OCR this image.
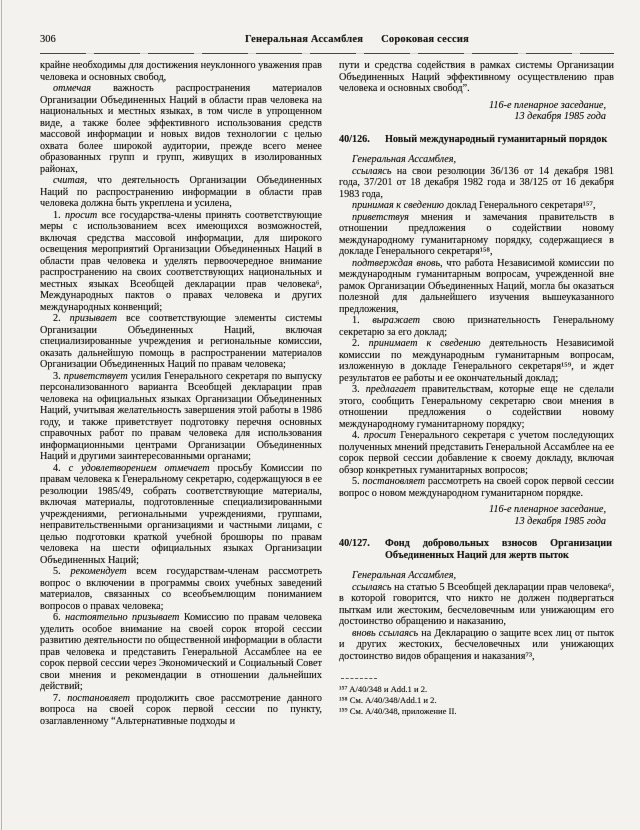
306	Генеральная Ассамблея Сороковая сессия

крайне необходимы для достижения неуклонного уважения прав человека и основных свобод,

отмечая важность распространения материалов Организации Объединенных Наций в области прав человека на национальных и местных языках, в том числе в упрощенном виде, а также более эффективного использования средств массовой информации и новых видов технологии с целью охвата более широкой аудитории, прежде всего менее образованных групп и групп, живущих в изолированных районах,

считая, что деятельность Организации Объединенных Наций по распространению информации в области прав человека должна быть укреплена и усилена,

1. просит все государства-члены принять соответствующие меры с использованием всех имеющихся возможностей, включая средства массовой информации, для широкого освещения мероприятий Организации Объединенных Наций в области прав человека и уделять первоочередное внимание распространению на своих соответствующих национальных и местных языках Всеобщей декларации прав человека⁶, Международных пактов о правах человека и других международных конвенций;

2. призывает все соответствующие элементы системы Организации Объединенных Наций, включая специализированные учреждения и региональные комиссии, оказать дальнейшую помощь в распространении материалов Организации Объединенных Наций по правам человека;

3. приветствует усилия Генерального секретаря по выпуску персонализованного варианта Всеобщей декларации прав человека на официальных языках Организации Объединенных Наций, учитывая желательность завершения этой работы в 1986 году, и также приветствует подготовку перечня основных справочных работ по правам человека для использования информационными центрами Организации Объединенных Наций и другими заинтересованными органами;

4. с удовлетворением отмечает просьбу Комиссии по правам человека к Генеральному секретарю, содержащуюся в ее резолюции 1985/49, собрать соответствующие материалы, включая материалы, подготовленные специализированными учреждениями, региональными учреждениями, группами, неправительственными организациями и частными лицами, с целью подготовки краткой учебной брошюры по правам человека на шести официальных языках Организации Объединенных Наций;

5. рекомендует всем государствам-членам рассмотреть вопрос о включении в программы своих учебных заведений материалов, связанных со всеобъемлющим пониманием вопросов о правах человека;

6. настоятельно призывает Комиссию по правам человека уделить особое внимание на своей сорок второй сессии развитию деятельности по общественной информации в области прав человека и представить Генеральной Ассамблее на ее сорок первой сессии через Экономический и Социальный Совет свои мнения и рекомендации в отношении дальнейших действий;

7. постановляет продолжить свое рассмотрение данного вопроса на своей сорок первой сессии по пункту, озаглавленному “Альтернативные подходы и

пути и средства содействия в рамках системы Организации Объединенных Наций эффективному осуществлению прав человека и основных свобод”.

116-е пленарное заседание,
13 декабря 1985 года
40/126.	Новый международный гуманитарный порядок

Генеральная Ассамблея,

ссылаясь на свои резолюции 36/136 от 14 декабря 1981 года, 37/201 от 18 декабря 1982 года и 38/125 от 16 декабря 1983 года,

принимая к сведению доклад Генерального секретаря¹⁵⁷,

приветствуя мнения и замечания правительств в отношении предложения о содействии новому международному гуманитарному порядку, содержащиеся в докладе Генерального секретаря¹⁵⁸,

подтверждая вновь, что работа Независимой комиссии по международным гуманитарным вопросам, учрежденной вне рамок Организации Объединенных Наций, могла бы оказаться полезной для дальнейшего изучения вышеуказанного предложения,

1. выражает свою признательность Генеральному секретарю за его доклад;

2. принимает к сведению деятельность Независимой комиссии по международным гуманитарным вопросам, изложенную в докладе Генерального секретаря¹⁵⁹, и ждет результатов ее работы и ее окончательный доклад;

3. предлагает правительствам, которые еще не сделали этого, сообщить Генеральному секретарю свои мнения в отношении предложения о содействии новому международному гуманитарному порядку;

4. просит Генерального секретаря с учетом последующих полученных мнений представить Генеральной Ассамблее на ее сорок первой сессии добавление к своему докладу, включая обзор конкретных гуманитарных вопросов;

5. постановляет рассмотреть на своей сорок первой сессии вопрос о новом международном гуманитарном порядке.

116-е пленарное заседание,
13 декабря 1985 года
40/127.	Фонд добровольных взносов Организации Объединенных Наций для жертв пыток

Генеральная Ассамблея,

ссылаясь на статью 5 Всеобщей декларации прав человека⁶, в которой говорится, что никто не должен подвергаться пыткам или жестоким, бесчеловечным или унижающим его достоинство обращению и наказанию,

вновь ссылаясь на Декларацию о защите всех лиц от пыток и других жестоких, бесчеловечных или унижающих достоинство видов обращения и наказания⁷³,

¹⁵⁷ A/40/348 и Add.1 и 2.

¹⁵⁸ См. A/40/348/Add.1 и 2.

¹⁵⁹ См. A/40/348, приложение II.
